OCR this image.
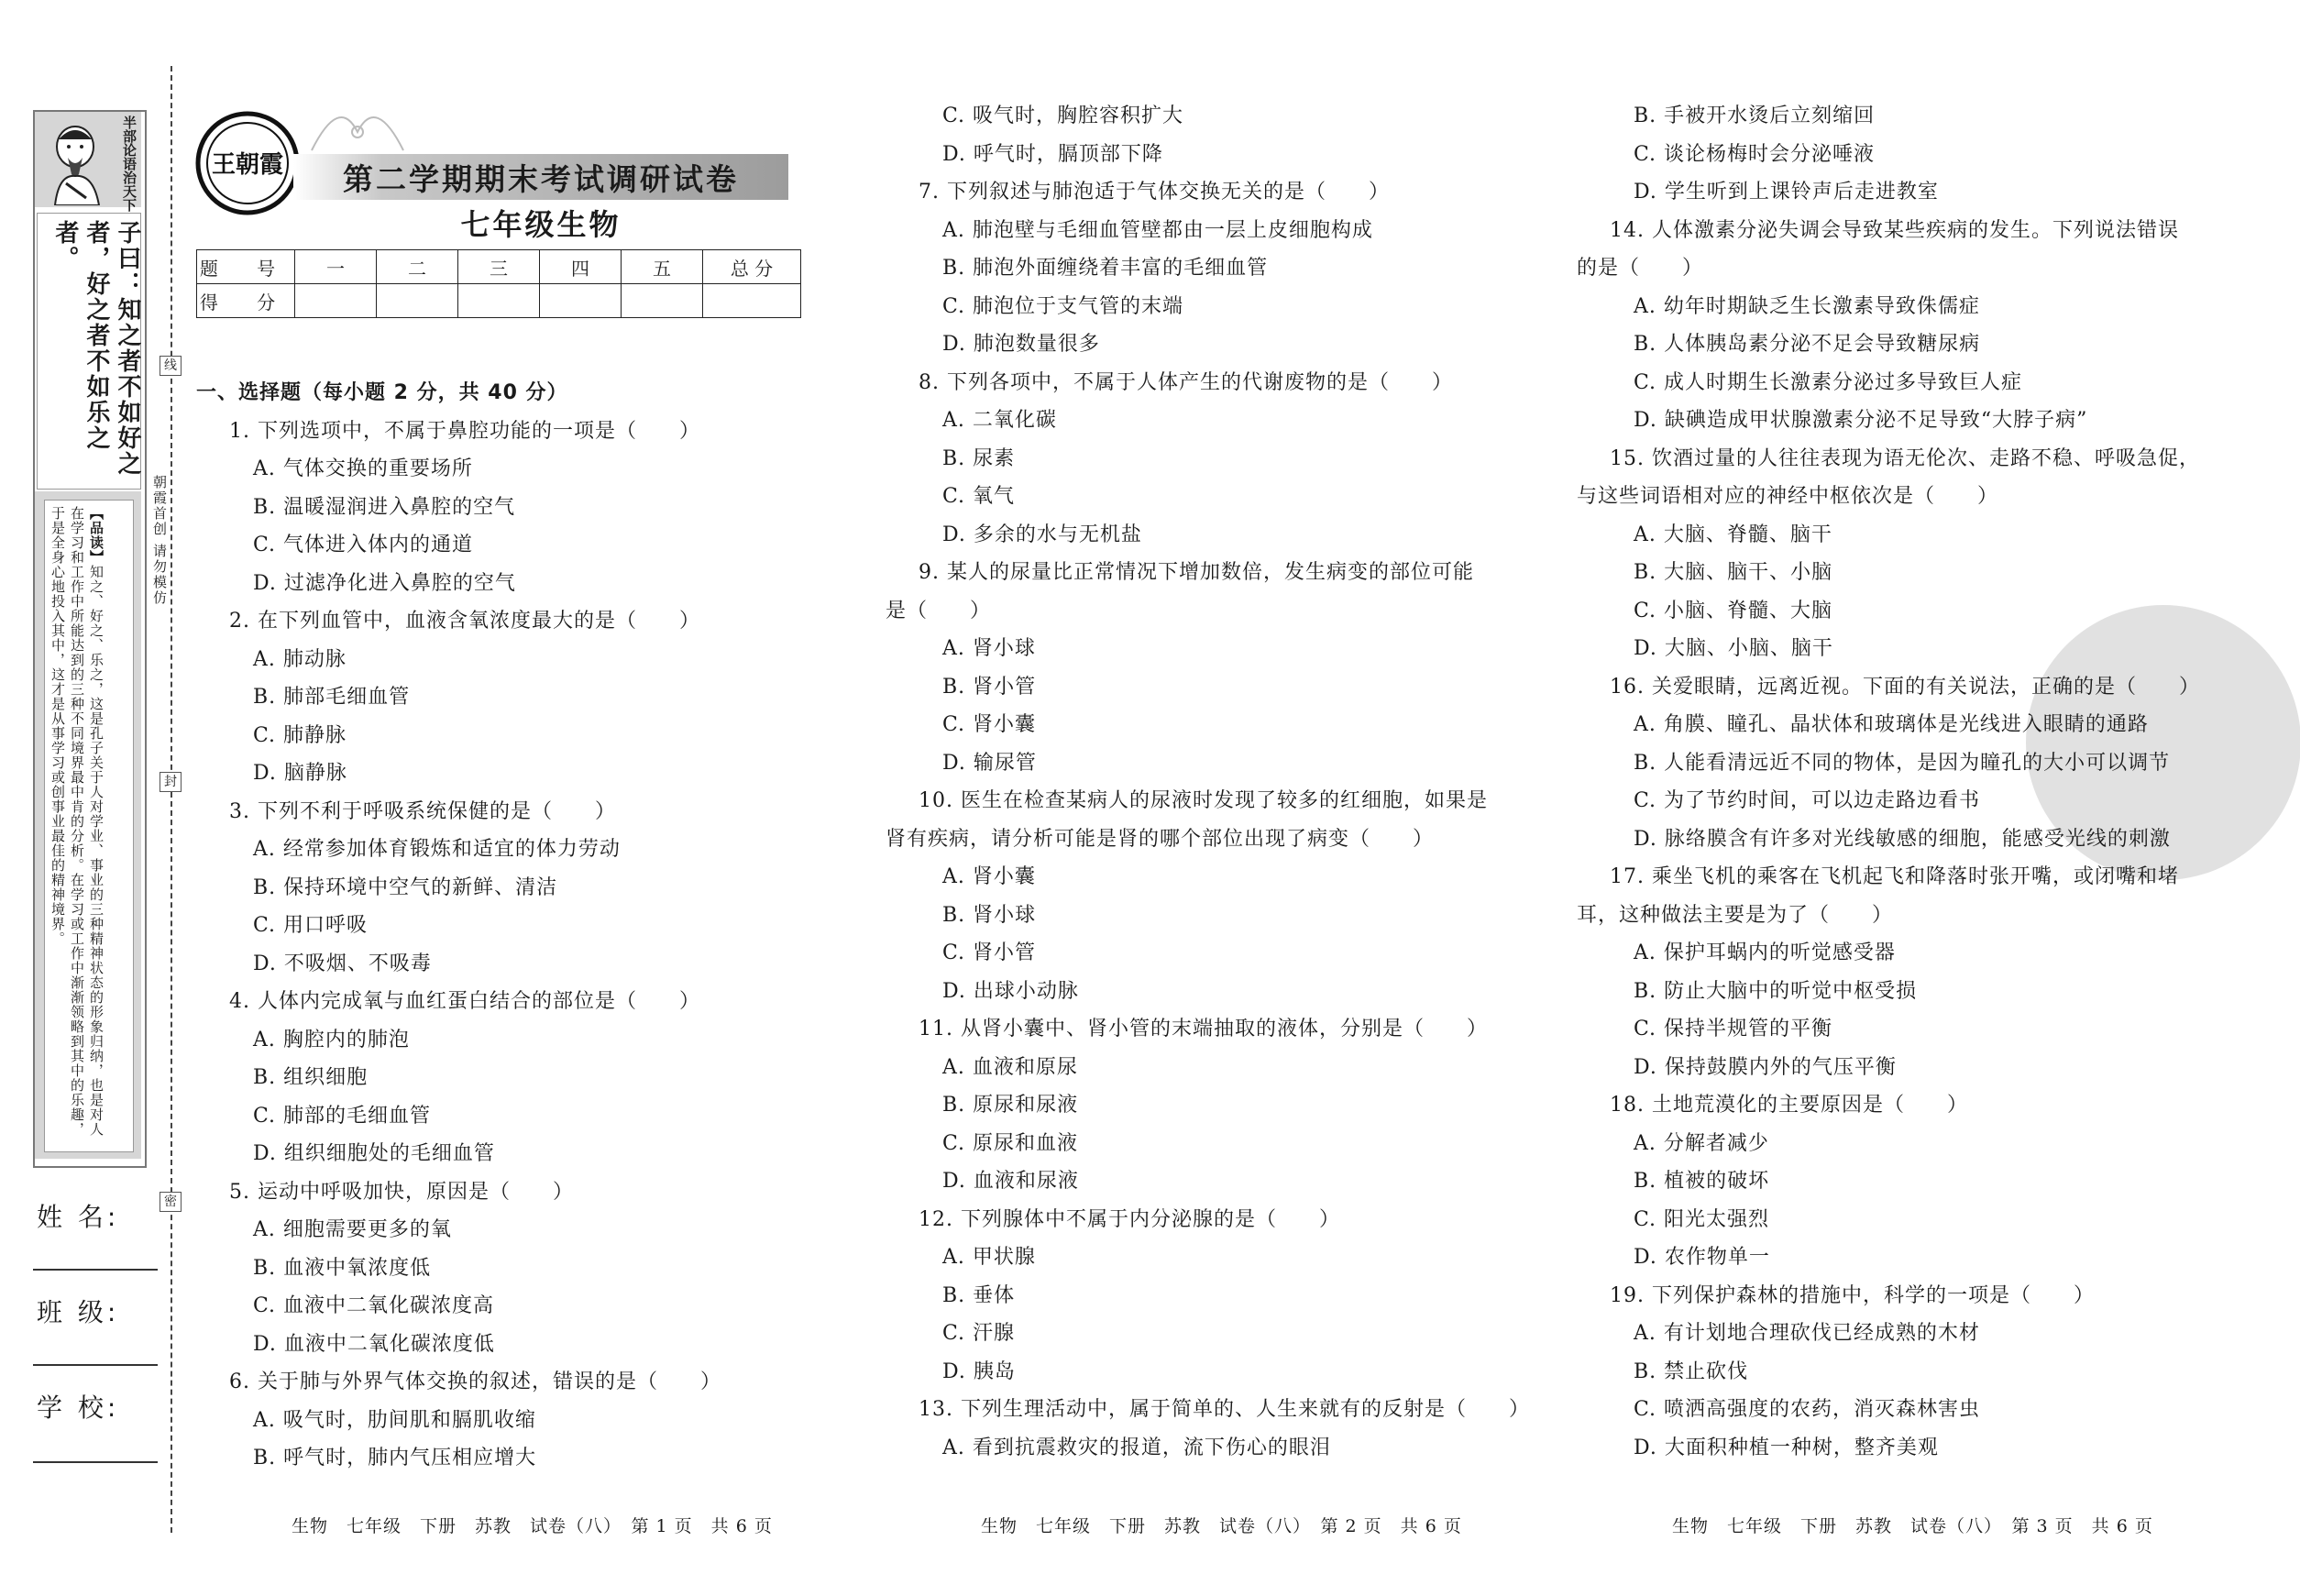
半部论语治天下
子曰：知之者不如好之者，好之者不如乐之者。
【品读】知之、好之、乐之，这是孔子关于人对学业、事业的三种精神状态的形象归纳，也是对人在学习和工作中所能达到的三种不同境界最中肯的分析。在学习或工作中渐渐领略到其中的乐趣，于是全身心地投入其中，这才是从事学习或创事业最佳的精神境界。
姓 名:
班 级:
学 校:
线
封
密
朝霞首创 请勿模仿
王朝霞	第二学期期末考试调研试卷
七年级生物
题 号	一	二	三	四	五	总 分
得 分						
一、选择题（每小题 2 分，共 40 分）
1. 下列选项中，不属于鼻腔功能的一项是（　　）
A. 气体交换的重要场所
B. 温暖湿润进入鼻腔的空气
C. 气体进入体内的通道
D. 过滤净化进入鼻腔的空气
2. 在下列血管中，血液含氧浓度最大的是（　　）
A. 肺动脉
B. 肺部毛细血管
C. 肺静脉
D. 脑静脉
3. 下列不利于呼吸系统保健的是（　　）
A. 经常参加体育锻炼和适宜的体力劳动
B. 保持环境中空气的新鲜、清洁
C. 用口呼吸
D. 不吸烟、不吸毒
4. 人体内完成氧与血红蛋白结合的部位是（　　）
A. 胸腔内的肺泡
B. 组织细胞
C. 肺部的毛细血管
D. 组织细胞处的毛细血管
5. 运动中呼吸加快，原因是（　　）
A. 细胞需要更多的氧
B. 血液中氧浓度低
C. 血液中二氧化碳浓度高
D. 血液中二氧化碳浓度低
6. 关于肺与外界气体交换的叙述，错误的是（　　）
A. 吸气时，肋间肌和膈肌收缩
B. 呼气时，肺内气压相应增大
C. 吸气时，胸腔容积扩大
D. 呼气时，膈顶部下降
7. 下列叙述与肺泡适于气体交换无关的是（　　）
A. 肺泡壁与毛细血管壁都由一层上皮细胞构成
B. 肺泡外面缠绕着丰富的毛细血管
C. 肺泡位于支气管的末端
D. 肺泡数量很多
8. 下列各项中，不属于人体产生的代谢废物的是（　　）
A. 二氧化碳
B. 尿素
C. 氧气
D. 多余的水与无机盐
9. 某人的尿量比正常情况下增加数倍，发生病变的部位可能
是（　　）
A. 肾小球
B. 肾小管
C. 肾小囊
D. 输尿管
10. 医生在检查某病人的尿液时发现了较多的红细胞，如果是
肾有疾病，请分析可能是肾的哪个部位出现了病变（　　）
A. 肾小囊
B. 肾小球
C. 肾小管
D. 出球小动脉
11. 从肾小囊中、肾小管的末端抽取的液体，分别是（　　）
A. 血液和原尿
B. 原尿和尿液
C. 原尿和血液
D. 血液和尿液
12. 下列腺体中不属于内分泌腺的是（　　）
A. 甲状腺
B. 垂体
C. 汗腺
D. 胰岛
13. 下列生理活动中，属于简单的、人生来就有的反射是（　　）
A. 看到抗震救灾的报道，流下伤心的眼泪
B. 手被开水烫后立刻缩回
C. 谈论杨梅时会分泌唾液
D. 学生听到上课铃声后走进教室
14. 人体激素分泌失调会导致某些疾病的发生。下列说法错误
的是（　　）
A. 幼年时期缺乏生长激素导致侏儒症
B. 人体胰岛素分泌不足会导致糖尿病
C. 成人时期生长激素分泌过多导致巨人症
D. 缺碘造成甲状腺激素分泌不足导致“大脖子病”
15. 饮酒过量的人往往表现为语无伦次、走路不稳、呼吸急促，
与这些词语相对应的神经中枢依次是（　　）
A. 大脑、脊髓、脑干
B. 大脑、脑干、小脑
C. 小脑、脊髓、大脑
D. 大脑、小脑、脑干
16. 关爱眼睛，远离近视。下面的有关说法，正确的是（　　）
A. 角膜、瞳孔、晶状体和玻璃体是光线进入眼睛的通路
B. 人能看清远近不同的物体，是因为瞳孔的大小可以调节
C. 为了节约时间，可以边走路边看书
D. 脉络膜含有许多对光线敏感的细胞，能感受光线的刺激
17. 乘坐飞机的乘客在飞机起飞和降落时张开嘴，或闭嘴和堵
耳，这种做法主要是为了（　　）
A. 保护耳蜗内的听觉感受器
B. 防止大脑中的听觉中枢受损
C. 保持半规管的平衡
D. 保持鼓膜内外的气压平衡
18. 土地荒漠化的主要原因是（　　）
A. 分解者减少
B. 植被的破坏
C. 阳光太强烈
D. 农作物单一
19. 下列保护森林的措施中，科学的一项是（　　）
A. 有计划地合理砍伐已经成熟的木材
B. 禁止砍伐
C. 喷洒高强度的农药，消灭森林害虫
D. 大面积种植一种树，整齐美观
生物　七年级　下册　苏教　试卷（八）　第 1 页　共 6 页	生物　七年级　下册　苏教　试卷（八）　第 2 页　共 6 页	生物　七年级　下册　苏教　试卷（八）　第 3 页　共 6 页
